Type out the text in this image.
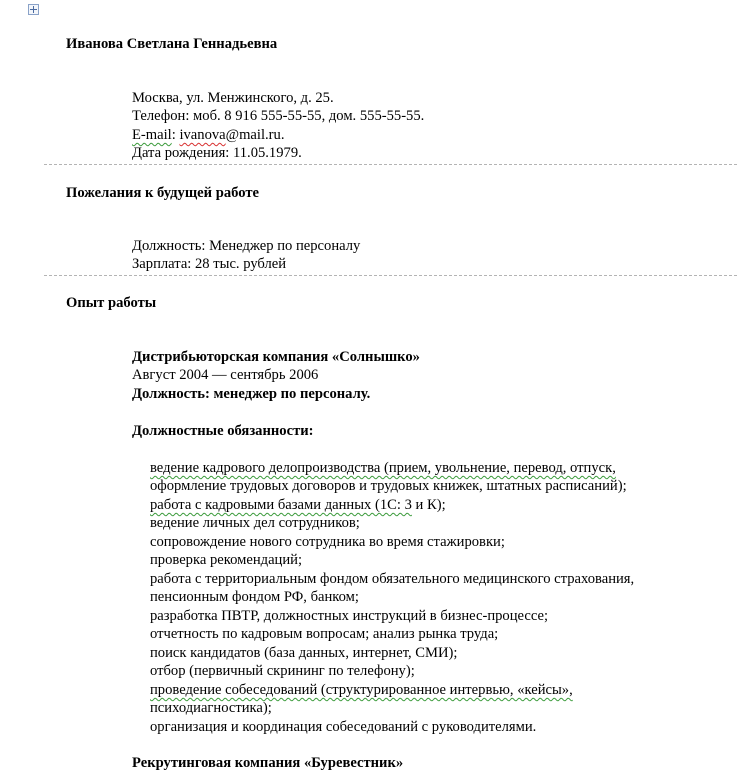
Иванова Светлана Геннадьевна
Москва, ул. Менжинского, д. 25.
Телефон: моб. 8 916 555-55-55, дом. 555-55-55.
E-mail: ivanova@mail.ru.
Дата рождения: 11.05.1979.
Пожелания к будущей работе
Должность: Менеджер по персоналу
Зарплата: 28 тыс. рублей
Опыт работы
Дистрибьюторская компания «Солнышко»
Август 2004 — сентябрь 2006
Должность: менеджер по персоналу.
Должностные обязанности:
ведение кадрового делопроизводства (прием, увольнение, перевод, отпуск,
оформление трудовых договоров и трудовых книжек, штатных расписаний);
работа с кадровыми базами данных (1С: 3 и К);
ведение личных дел сотрудников;
сопровождение нового сотрудника во время стажировки;
проверка рекомендаций;
работа с территориальным фондом обязательного медицинского страхования,
пенсионным фондом РФ, банком;
разработка ПВТР, должностных инструкций в бизнес-процессе;
отчетность по кадровым вопросам; анализ рынка труда;
поиск кандидатов (база данных, интернет, СМИ);
отбор (первичный скрининг по телефону);
проведение собеседований (структурированное интервью, «кейсы»,
психодиагностика);
организация и координация собеседований с руководителями.
Рекрутинговая компания «Буревестник»
